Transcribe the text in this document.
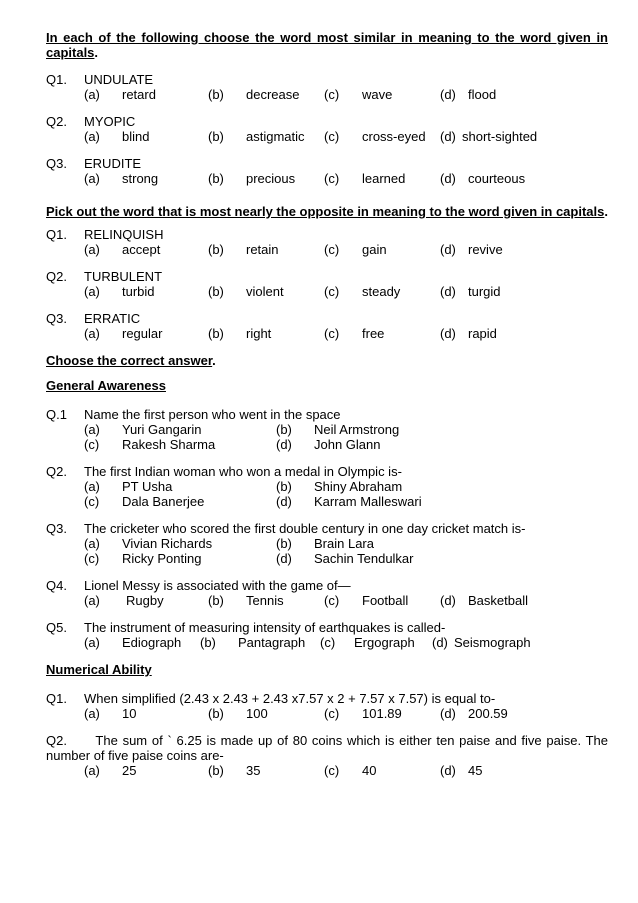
In each of the following choose the word most similar in meaning to the word given in capitals.

Q1.	UNDULATE
(a)	retard	(b)	decrease	(c)	wave	(d) flood
Q2.	MYOPIC
(a)	blind	(b)	astigmatic	(c)	cross-eyed	(d) short-sighted
Q3.	ERUDITE
(a)	strong	(b)	precious	(c)	learned	(d) courteous

Pick out the word that is most nearly the opposite in meaning to the word given in capitals.

Q1.	RELINQUISH
(a)	accept	(b)	retain	(c)	gain	(d) revive
Q2.	TURBULENT
(a)	turbid	(b)	violent	(c)	steady	(d) turgid
Q3.	ERRATIC
(a)	regular	(b)	right	(c)	free	(d) rapid

Choose the correct answer.

General Awareness

Q.1	Name the first person who went in the space
(a)	Yuri Gangarin	(b)	Neil Armstrong
(c)	Rakesh Sharma	(d)	John Glann
Q2.	The first Indian woman who won a medal in Olympic is-
(a)	PT Usha	(b)	Shiny Abraham
(c)	Dala Banerjee	(d)	Karram Malleswari
Q3.	The cricketer who scored the first double century in one day cricket match is-
(a)	Vivian Richards	(b)	Brain Lara
(c)	Ricky Ponting	(d)	Sachin Tendulkar
Q4.	Lionel Messy is associated with the game of—
(a)	Rugby	(b)	Tennis	(c)	Football	(d) Basketball
Q5.	The instrument of measuring intensity of earthquakes is called-
(a)	Ediograph	(b)	Pantagraph	(c)	Ergograph	(d) Seismograph

Numerical Ability

Q1.	When simplified (2.43 x 2.43 + 2.43 x7.57 x 2 + 7.57 x 7.57) is equal to-
(a)	10	(b)	100	(c)	101.89	(d) 200.59
Q2. The sum of ` 6.25 is made up of 80 coins which is either ten paise and five paise. The number of five paise coins are-
(a)	25	(b)	35	(c)	40	(d) 45
